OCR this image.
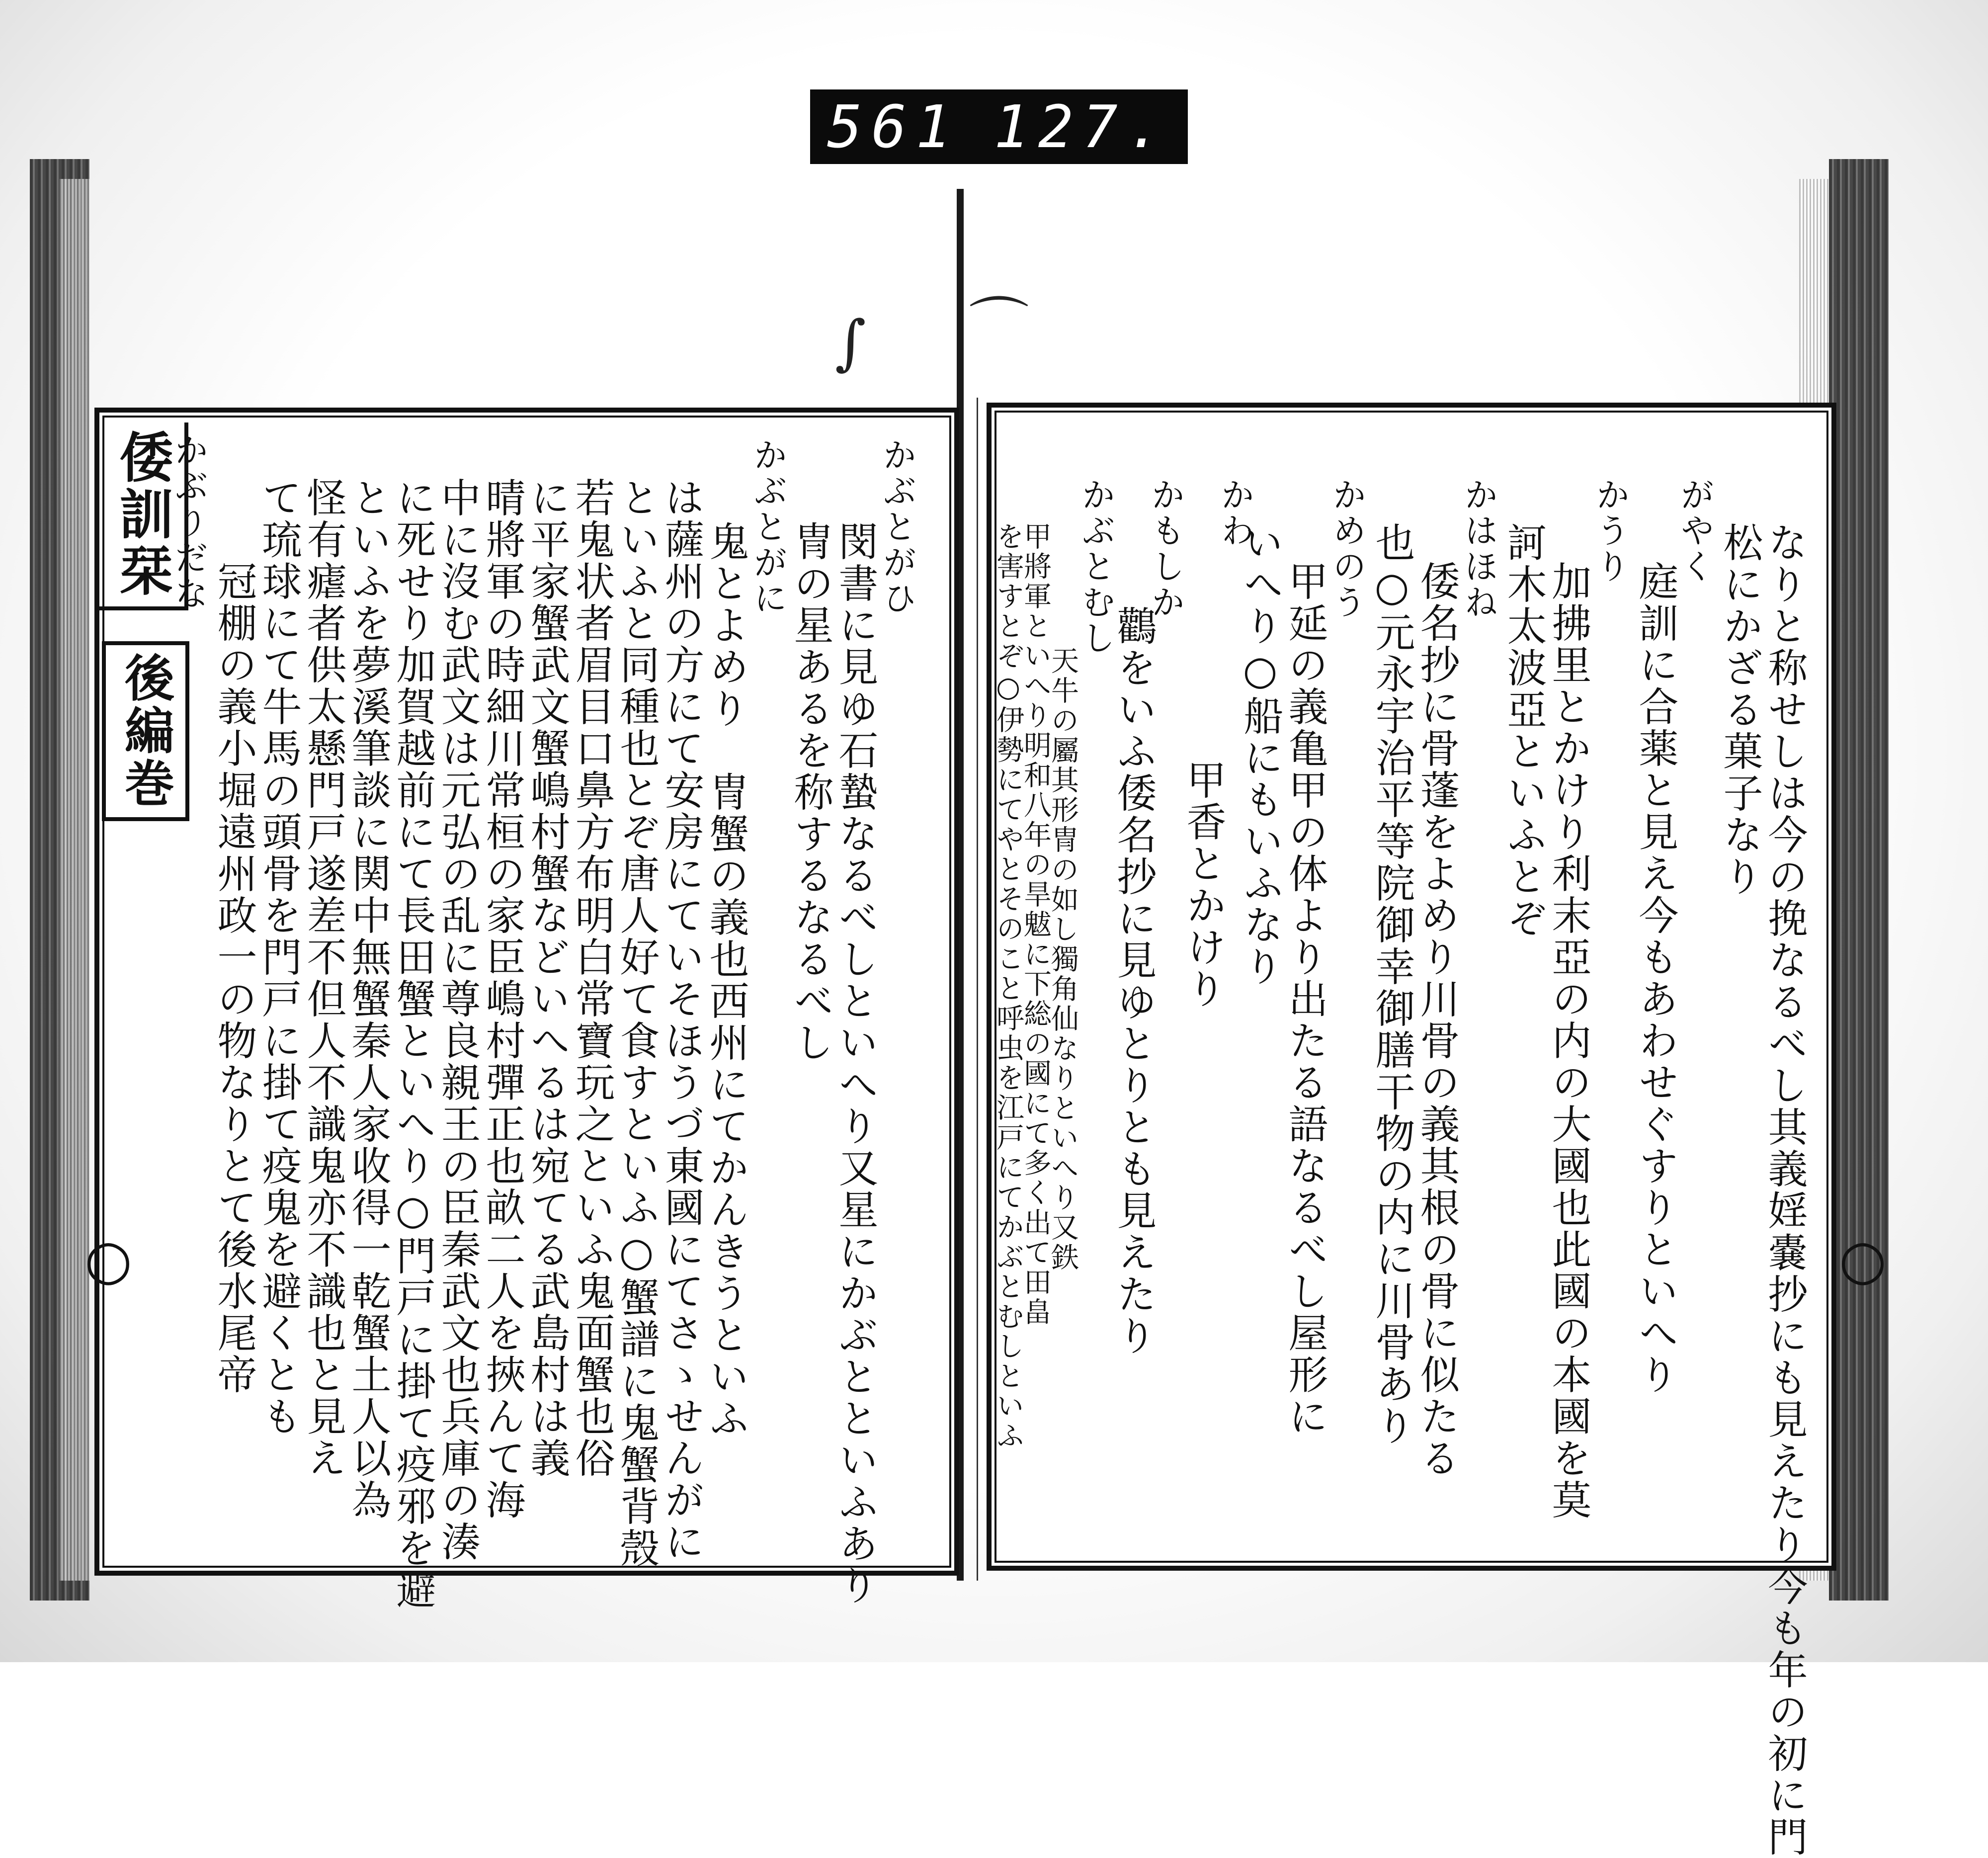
561 127.
倭訓栞
後編巻
かぶとがひ
　　閔書に見ゆ石蟄なるべしといへり又星にかぶとといふあり
　　冑の星あるを称するなるべし
かぶとがに
　　鬼とよめり　冑蟹の義也西州にてかんきうといふ
は薩州の方にて安房にていそほうづ東國にてさゝせんがに
といふと同種也とぞ唐人好て食すといふ○蟹譜に鬼蟹背殼
若鬼状者眉目口鼻方布明白常寶玩之といふ鬼面蟹也俗
に平家蟹武文蟹嶋村蟹などいへるは宛てる武島村は義
晴將軍の時細川常桓の家臣嶋村彈正也畝二人を挾んて海
中に沒む武文は元弘の乱に尊良親王の臣秦武文也兵庫の湊
に死せり加賀越前にて長田蟹といへり○門戸に掛て疫邪を避
といふを夢溪筆談に関中無蟹秦人家收得一乾蟹土人以為
怪有瘧者供太懸門戸遂差不但人不識鬼亦不識也と見え
て琉球にて牛馬の頭骨を門戸に掛て疫鬼を避くとも
　　冠棚の義小堀遠州政一の物なりとて後水尾帝
かぶりだな
○	なりと称せしは今の挽なるべし其義婬嚢抄にも見えたり今も年の初に門
松にかざる菓子なり
がやく
　　庭訓に合薬と見え今もあわせぐすりといへり
かうり
　　加拂里とかけり利末亞の内の大國也此國の本國を莫
訶木太波亞といふとぞ
かはほね
　　倭名抄に骨蓬をよめり川骨の義其根の骨に似たる
也○元永宇治平等院御幸御膳干物の内に川骨あり
かめのう
　　甲延の義亀甲の体より出たる語なるべし屋形に
いへり○船にもいふなり
かわ
　　甲香とかけり
かもしか
　　鸛をいふ倭名抄に見ゆとりとも見えたり
かぶとむし
　　天牛の屬其形冑の如し獨角仙なりといへり又鉄
甲將軍といへり明和八年の旱魃に下総の國にて多く出て田畠
を害すとぞ○伊勢にてやとそのこと呼虫を江戸にてかぶとむしといふ	○
∫ ⌒
